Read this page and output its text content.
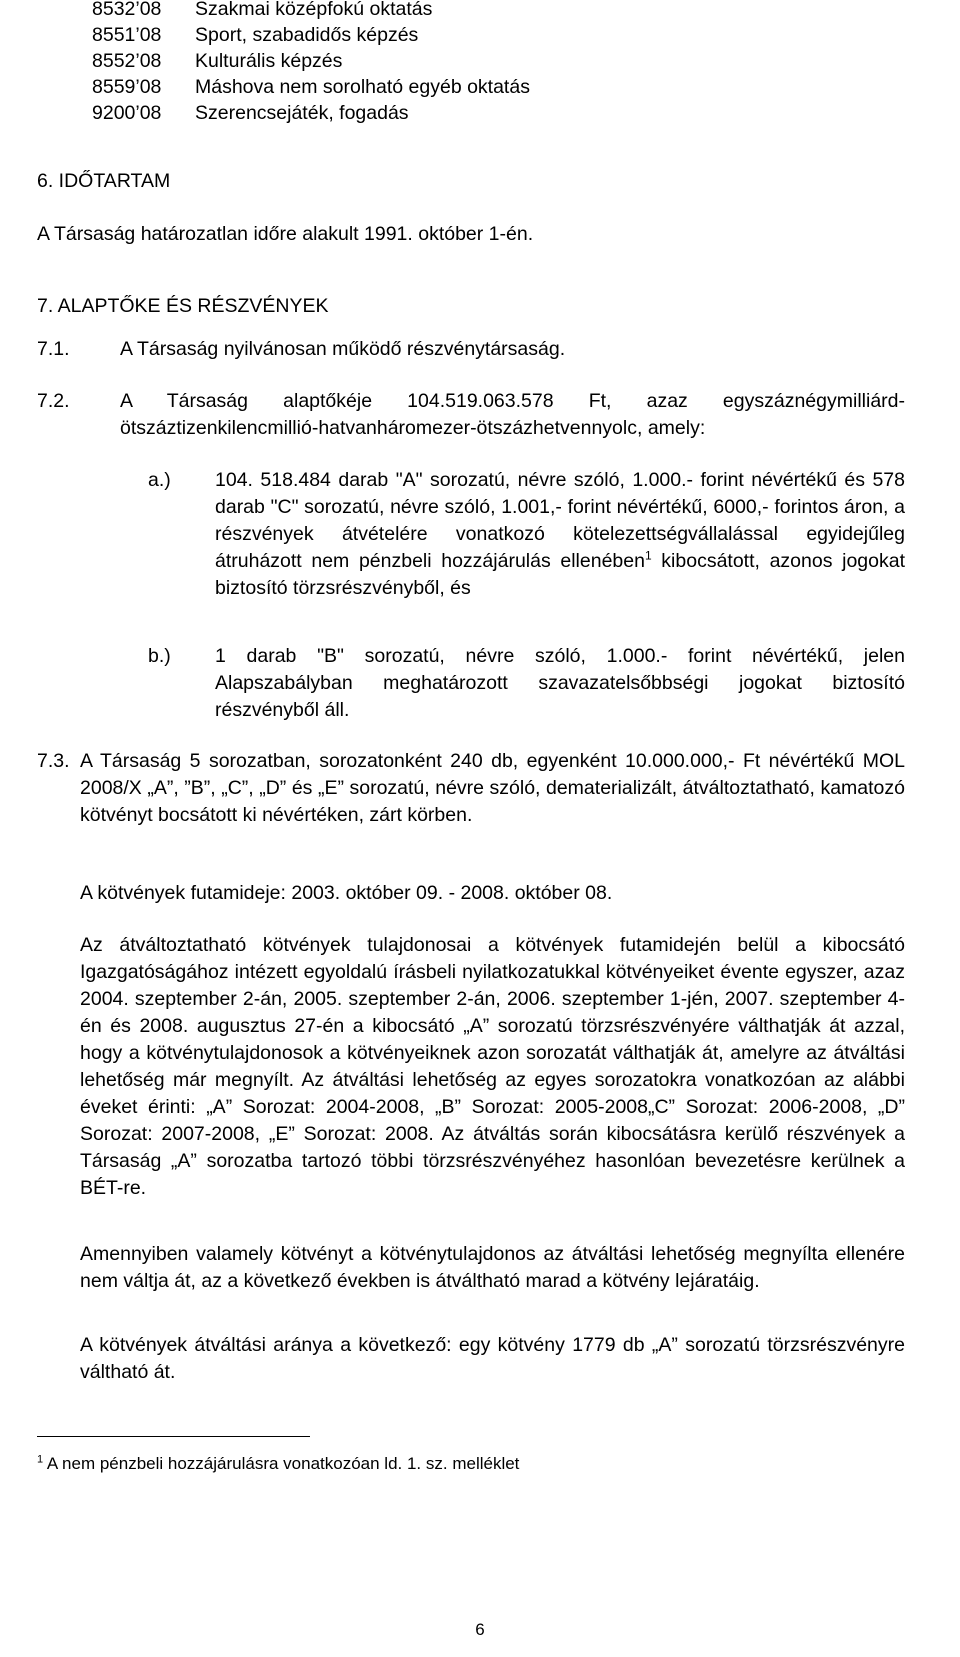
8532’08 Szakmai középfokú oktatás
8551’08 Sport, szabadidős képzés
8552’08 Kulturális képzés
8559’08 Máshova nem sorolható egyéb oktatás
9200’08 Szerencsejáték, fogadás
6. IDŐTARTAM
A Társaság határozatlan időre alakult 1991. október 1-én.
7. ALAPTŐKE ÉS RÉSZVÉNYEK
7.1.	A Társaság nyilvánosan működő részvénytársaság.
7.2.	A Társaság alaptőkéje 104.519.063.578 Ft, azaz egyszáznégymilliárd- ötszáztizenkilencmillió-hatvanháromezer-ötszázhetvennyolc, amely:
a.) 104. 518.484 darab "A" sorozatú, névre szóló, 1.000.- forint névértékű és 578 darab "C" sorozatú, névre szóló, 1.001,- forint névértékű, 6000,- forintos áron, a részvények átvételére vonatkozó kötelezettségvállalással egyidejűleg átruházott nem pénzbeli hozzájárulás ellenében$^1$ kibocsátott, azonos jogokat biztosító törzsrészvényből, és
b.) 1 darab "B" sorozatú, névre szóló, 1.000.- forint névértékű, jelen Alapszabályban meghatározott szavazatelsőbbségi jogokat biztosító részvényből áll.
7.3. A Társaság 5 sorozatban, sorozatonként 240 db, egyenként 10.000.000,- Ft névértékű MOL 2008/X „A”, ”B”, „C”, „D” és „E” sorozatú, névre szóló, dematerializált, átváltoztatható, kamatozó kötvényt bocsátott ki névértéken, zárt körben.
A kötvények futamideje: 2003. október 09. - 2008. október 08.
Az átváltoztatható kötvények tulajdonosai a kötvények futamidején belül a kibocsátó Igazgatóságához intézett egyoldalú írásbeli nyilatkozatukkal kötvényeiket évente egyszer, azaz 2004. szeptember 2-án, 2005. szeptember 2-án, 2006. szeptember 1-jén, 2007. szeptember 4-én és 2008. augusztus 27-én a kibocsátó „A” sorozatú törzsrészvényére válthatják át azzal, hogy a kötvénytulajdonosok a kötvényeiknek azon sorozatát válthatják át, amelyre az átváltási lehetőség már megnyílt. Az átváltási lehetőség az egyes sorozatokra vonatkozóan az alábbi éveket érinti: „A” Sorozat: 2004-2008, „B” Sorozat: 2005-2008„C” Sorozat: 2006-2008, „D” Sorozat: 2007-2008, „E” Sorozat: 2008. Az átváltás során kibocsátásra kerülő részvények a Társaság „A” sorozatba tartozó többi törzsrészvényéhez hasonlóan bevezetésre kerülnek a BÉT-re.
Amennyiben valamely kötvényt a kötvénytulajdonos az átváltási lehetőség megnyílta ellenére nem váltja át, az a következő években is átváltható marad a kötvény lejáratáig.
A kötvények átváltási aránya a következő: egy kötvény 1779 db „A” sorozatú törzsrészvényre váltható át.
$^1$ A nem pénzbeli hozzájárulásra vonatkozóan ld. 1. sz. melléklet
6
